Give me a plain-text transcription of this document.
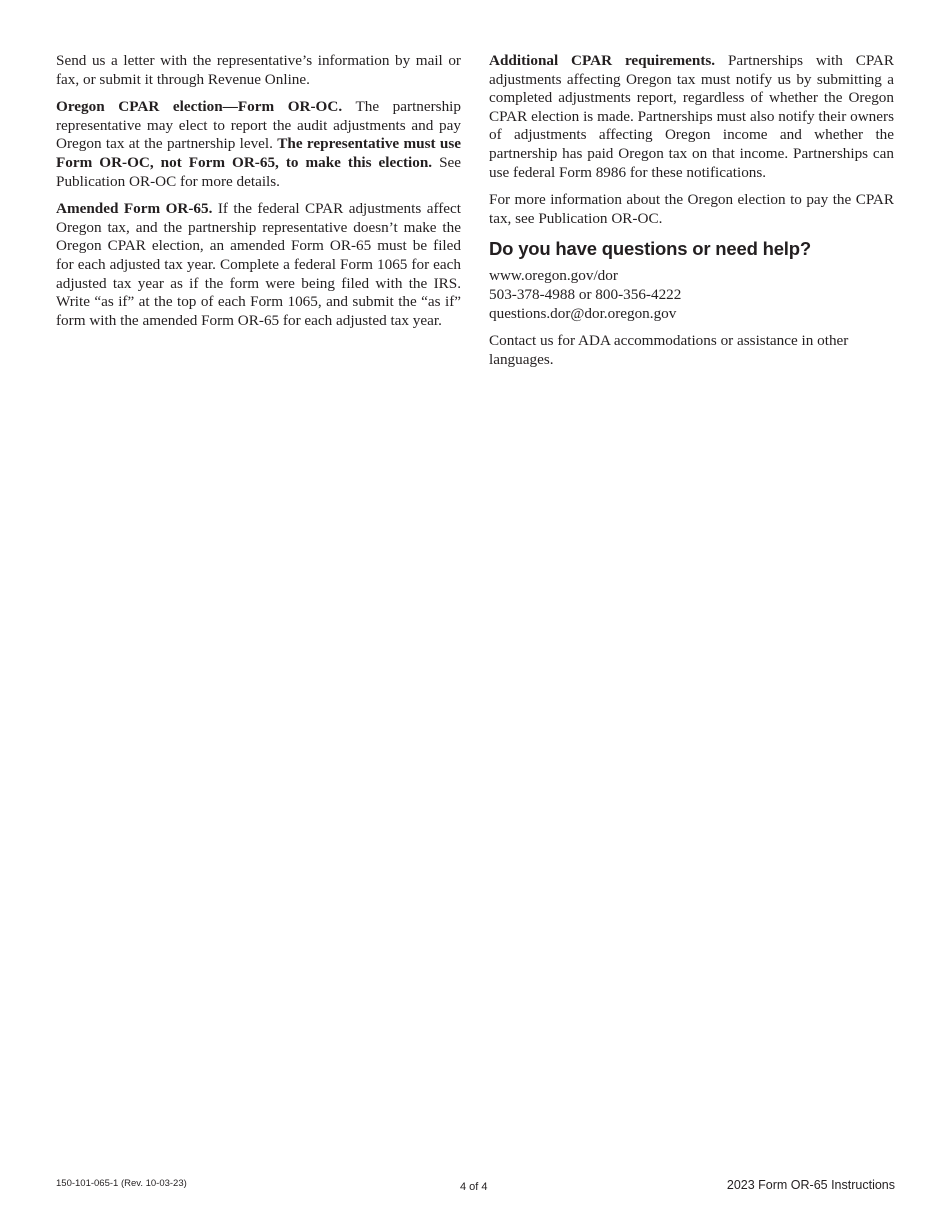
Send us a letter with the representative’s information by mail or fax, or submit it through Revenue Online.

Oregon CPAR election—Form OR-OC. The partnership representative may elect to report the audit adjustments and pay Oregon tax at the partnership level. The representative must use Form OR-OC, not Form OR-65, to make this election. See Publication OR-OC for more details.

Amended Form OR-65. If the federal CPAR adjustments affect Oregon tax, and the partnership representative doesn’t make the Oregon CPAR election, an amended Form OR-65 must be filed for each adjusted tax year. Complete a federal Form 1065 for each adjusted tax year as if the form were being filed with the IRS. Write “as if” at the top of each Form 1065, and submit the “as if” form with the amended Form OR-65 for each adjusted tax year.

Additional CPAR requirements. Partnerships with CPAR adjustments affecting Oregon tax must notify us by submitting a completed adjustments report, regardless of whether the Oregon CPAR election is made. Partnerships must also notify their owners of adjustments affecting Oregon income and whether the partnership has paid Oregon tax on that income. Partnerships can use federal Form 8986 for these notifications.

For more information about the Oregon election to pay the CPAR tax, see Publication OR-OC.

Do you have questions or need help?

www.oregon.gov/dor

503-378-4988 or 800-356-4222

questions.dor@dor.oregon.gov

Contact us for ADA accommodations or assistance in other languages.

150-101-065-1 (Rev. 10-03-23)	4 of 4	2023 Form OR-65 Instructions
